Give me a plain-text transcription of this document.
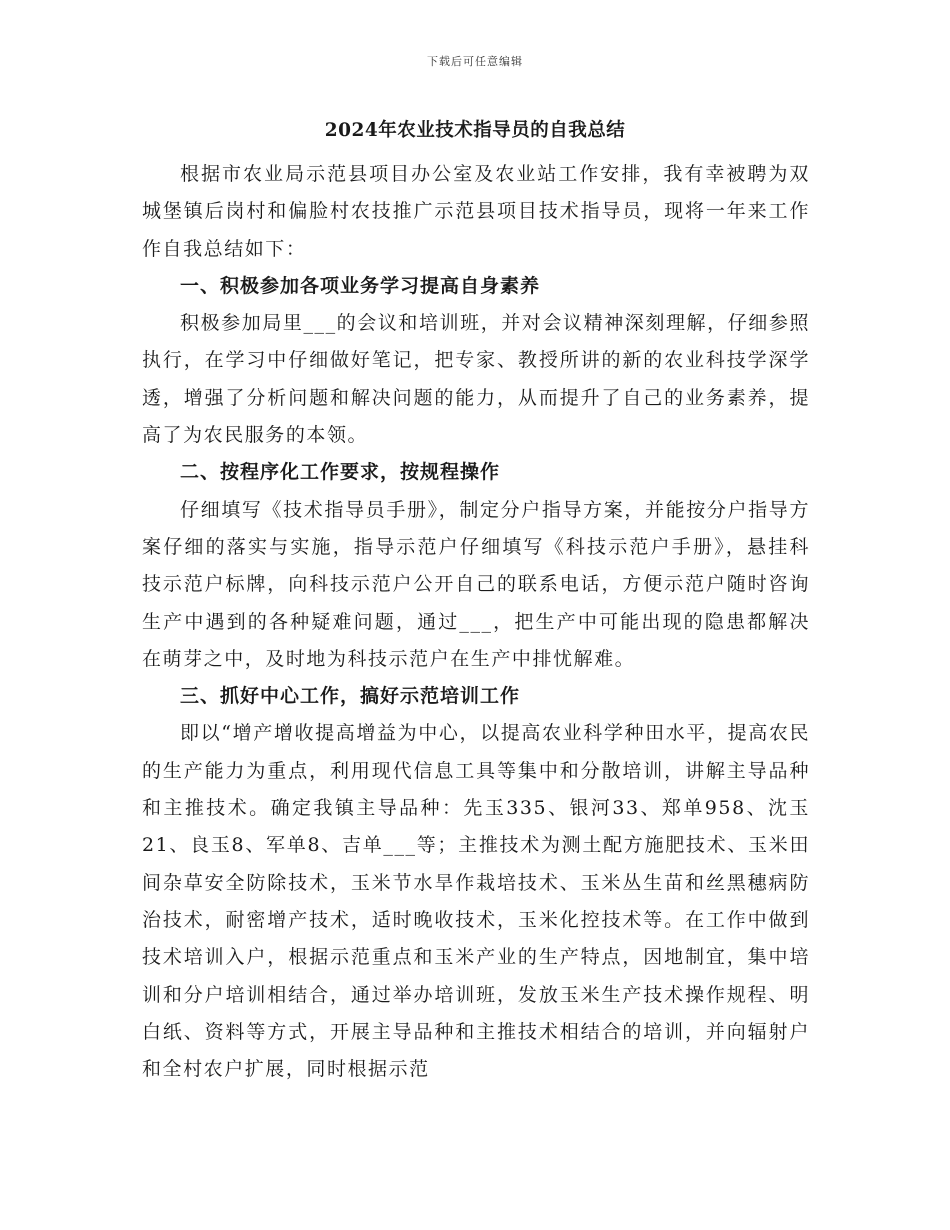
下载后可任意编辑
2024年农业技术指导员的自我总结

根据市农业局示范县项目办公室及农业站工作安排，我有幸被聘为双城堡镇后岗村和偏脸村农技推广示范县项目技术指导员，现将一年来工作作自我总结如下：

一、积极参加各项业务学习提高自身素养

积极参加局里___的会议和培训班，并对会议精神深刻理解，仔细参照执行，在学习中仔细做好笔记，把专家、教授所讲的新的农业科技学深学透，增强了分析问题和解决问题的能力，从而提升了自己的业务素养，提高了为农民服务的本领。

二、按程序化工作要求，按规程操作

仔细填写《技术指导员手册》，制定分户指导方案，并能按分户指导方案仔细的落实与实施，指导示范户仔细填写《科技示范户手册》，悬挂科技示范户标牌，向科技示范户公开自己的联系电话，方便示范户随时咨询生产中遇到的各种疑难问题，通过___，把生产中可能出现的隐患都解决在萌芽之中，及时地为科技示范户在生产中排忧解难。

三、抓好中心工作，搞好示范培训工作

即以“增产增收提高增益为中心，以提高农业科学种田水平，提高农民的生产能力为重点，利用现代信息工具等集中和分散培训，讲解主导品种和主推技术。确定我镇主导品种：先玉335、银河33、郑单958、沈玉21、良玉8、军单8、吉单___等；主推技术为测土配方施肥技术、玉米田间杂草安全防除技术，玉米节水旱作栽培技术、玉米丛生苗和丝黑穗病防治技术，耐密增产技术，适时晚收技术，玉米化控技术等。在工作中做到技术培训入户，根据示范重点和玉米产业的生产特点，因地制宜，集中培训和分户培训相结合，通过举办培训班，发放玉米生产技术操作规程、明白纸、资料等方式，开展主导品种和主推技术相结合的培训，并向辐射户和全村农户扩展，同时根据示范
